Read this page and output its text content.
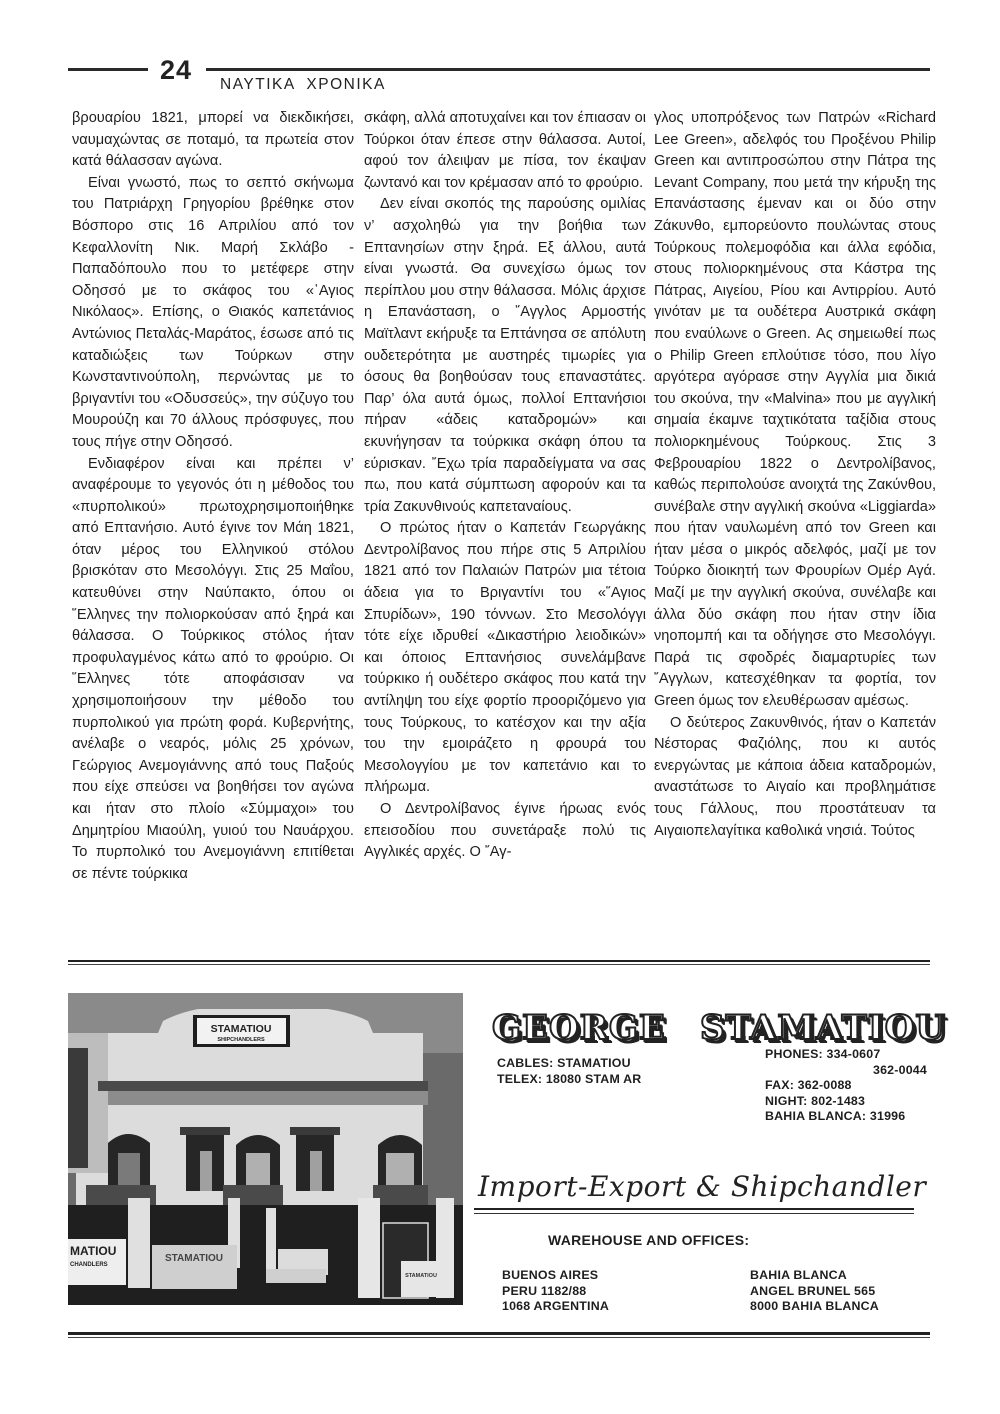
24 ΝΑΥΤΙΚΑ  ΧΡΟΝΙΚΑ

βρουαρίου 1821, μπορεί να διεκδικήσει, ναυμαχώντας σε ποταμό, τα πρωτεία στον κατά θάλασσαν αγώνα.

Είναι γνωστό, πως το σεπτό σκήνωμα του Πατριάρχη Γρηγορίου βρέθηκε στον Βόσπορο στις 16 Απριλίου από τον Κεφαλλονίτη Νικ. Μαρή Σκλάβο - Παπαδόπουλο που το μετέφερε στην Οδησσό με το σκάφος του «῾Αγιος Νικόλαος». Επίσης, ο Θιακός καπετάνιος Αντώνιος Πεταλάς-Μαράτος, έσωσε από τις καταδιώξεις των Τούρκων στην Κωνσταντινούπολη, περνώντας με το βριγαντίνι του «Οδυσσεύς», την σύζυγο του Μουρούζη και 70 άλλους πρόσφυγες, που τους πήγε στην Οδησσό.

Ενδιαφέρον είναι και πρέπει ν’ αναφέρουμε το γεγονός ότι η μέθοδος του «πυρπολικού» πρωτοχρησιμοποιήθηκε από Επτανήσιο. Αυτό έγινε τον Μάη 1821, όταν μέρος του Ελληνικού στόλου βρισκόταν στο Μεσολόγγι. Στις 25 Μαΐου, κατευθύνει στην Ναύπακτο, όπου οι ῞Ελληνες την πολιορκούσαν από ξηρά και θάλασσα. Ο Τούρκικος στόλος ήταν προφυλαγμένος κάτω από το φρούριο. Οι ῞Ελληνες τότε αποφάσισαν να χρησιμοποιήσουν την μέθοδο του πυρπολικού για πρώτη φορά. Κυβερνήτης, ανέλαβε ο νεαρός, μόλις 25 χρόνων, Γεώργιος Ανεμογιάννης από τους Παξούς που είχε σπεύσει να βοηθήσει τον αγώνα και ήταν στο πλοίο «Σύμμαχοι» του Δημητρίου Μιαούλη, γυιού του Ναυάρχου. Το πυρπολικό του Ανεμογιάννη επιτίθεται σε πέντε τούρκικα

σκάφη, αλλά αποτυχαίνει και τον έπιασαν οι Τούρκοι όταν έπεσε στην θάλασσα. Αυτοί, αφού τον άλειψαν με πίσα, τον έκαψαν ζωντανό και τον κρέμασαν από το φρούριο.

Δεν είναι σκοπός της παρούσης ομιλίας ν’ ασχοληθώ για την βοήθια των Επτανησίων στην ξηρά. Εξ άλλου, αυτά είναι γνωστά. Θα συνεχίσω όμως τον περίπλου μου στην θάλασσα. Μόλις άρχισε η Επανάσταση, ο ῎Αγγλος Αρμοστής Μαϊτλαντ εκήρυξε τα Επτάνησα σε απόλυτη ουδετερότητα με αυστηρές τιμωρίες για όσους θα βοηθούσαν τους επαναστάτες. Παρ’ όλα αυτά όμως, πολλοί Επτανήσιοι πήραν «άδεις καταδρομών» και εκυνήγησαν τα τούρκικα σκάφη όπου τα εύρισκαν. ῎Εχω τρία παραδείγματα να σας πω, που κατά σύμπτωση αφορούν και τα τρία Ζακυνθινούς καπεταναίους.

Ο πρώτος ήταν ο Καπετάν Γεωργάκης Δεντρολίβανος που πήρε στις 5 Απριλίου 1821 από τον Παλαιών Πατρών μια τέτοια άδεια για το Βριγαντίνι του «῞Αγιος Σπυρίδων», 190 τόννων. Στο Μεσολόγγι τότε είχε ιδρυθεί «Δικαστήριο λειοδικών» και όποιος Επτανήσιος συνελάμβανε τούρκικο ή ουδέτερο σκάφος που κατά την αντίληψη του είχε φορτίο προοριζόμενο για τους Τούρκους, το κατέσχον και την αξία του την εμοιράζετο η φρουρά του Μεσολογγίου με τον καπετάνιο και το πλήρωμα.

Ο Δεντρολίβανος έγινε ήρωας ενός επεισοδίου που συνετάραξε πολύ τις Αγγλικές αρχές. Ο ῎Αγ-

γλος υποπρόξενος των Πατρών «Richard Lee Green», αδελφός του Προξένου Philip Green και αντιπροσώπου στην Πάτρα της Levant Company, που μετά την κήρυξη της Επανάστασης έμεναν και οι δύο στην Ζάκυνθο, εμπορεύοντο πουλώντας στους Τούρκους πολεμοφόδια και άλλα εφόδια, στους πολιορκημένους στα Κάστρα της Πάτρας, Αιγείου, Ρίου και Αντιρρίου. Αυτό γινόταν με τα ουδέτερα Αυστρικά σκάφη που εναύλωνε ο Green. Ας σημειωθεί πως ο Philip Green επλούτισε τόσο, που λίγο αργότερα αγόρασε στην Αγγλία μια δικιά του σκούνα, την «Malvina» που με αγγλική σημαία έκαμνε ταχτικότατα ταξίδια στους πολιορκημένους Τούρκους. Στις 3 Φεβρουαρίου 1822 ο Δεντρολίβανος, καθώς περιπολούσε ανοιχτά της Ζακύνθου, συνέβαλε στην αγγλική σκούνα «Liggiarda» που ήταν ναυλωμένη από τον Green και ήταν μέσα ο μικρός αδελφός, μαζί με τον Τούρκο διοικητή των Φρουρίων Ομέρ Αγά. Μαζί με την αγγλική σκούνα, συνέλαβε και άλλα δύο σκάφη που ήταν στην ίδια νηοπομπή και τα οδήγησε στο Μεσολόγγι. Παρά τις σφοδρές διαμαρτυρίες των ῎Αγγλων, κατεσχέθηκαν τα φορτία, τον Green όμως τον ελευθέρωσαν αμέσως.

Ο δεύτερος Ζακυνθινός, ήταν ο Καπετάν Νέστορας Φαζιόλης, που κι αυτός ενεργώντας με κάποια άδεια καταδρομών, αναστάτωσε το Αιγαίο και προβλημάτισε τους Γάλλους, που προστάτευαν τα Αιγαιοπελαγίτικα καθολικά νησιά. Τούτος

STAMATIOU
SHIPCHANDLERS
MATIOU
CHANDLERS
STAMATIOU
STAMATIOU
GEORGE STAMATIOU
CABLES: STAMATIOU
TELEX: 18080 STAM AR
PHONES: 334-0607
362-0044
FAX: 362-0088
NIGHT: 802-1483
BAHIA BLANCA: 31996
Import-Export & Shipchandler
WAREHOUSE AND OFFICES:
BUENOS AIRES
PERU 1182/88
1068 ARGENTINA
BAHIA BLANCA
ANGEL BRUNEL 565
8000 BAHIA BLANCA
